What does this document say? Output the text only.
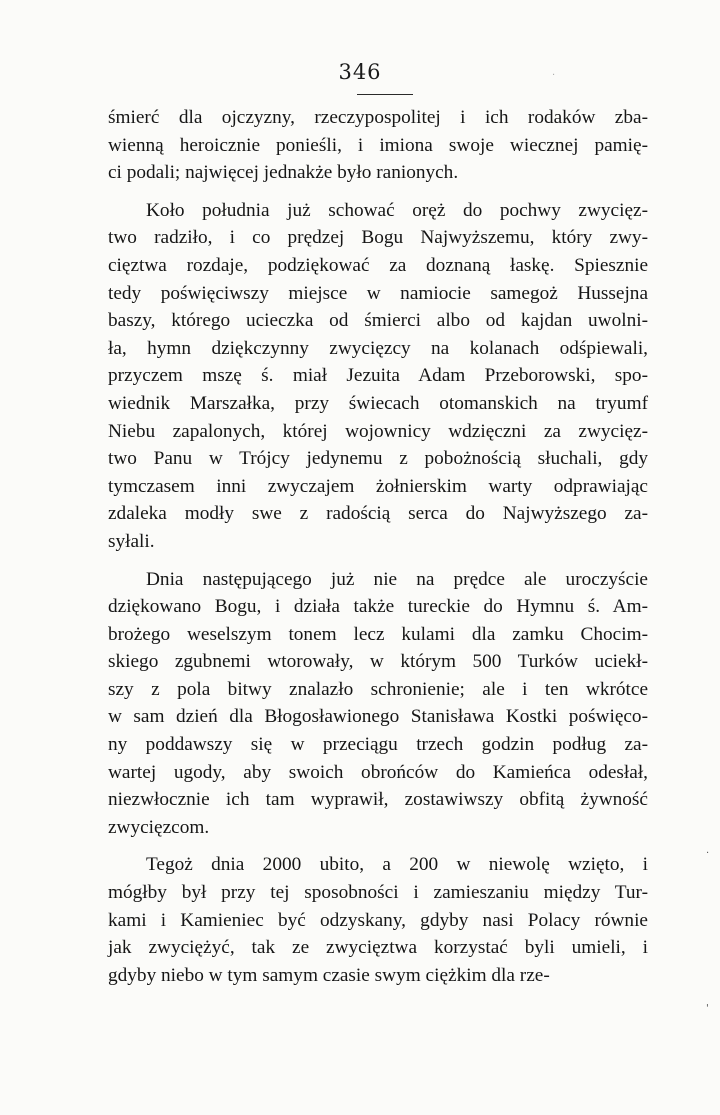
346
śmierć dla ojczyzny, rzeczypospolitej i ich rodaków zba-
wienną heroicznie ponieśli, i imiona swoje wiecznej pamię-
ci podali; najwięcej jednakże było ranionych.
Koło południa już schować oręż do pochwy zwycięz-
two radziło, i co prędzej Bogu Najwyższemu, który zwy-
cięztwa rozdaje, podziękować za doznaną łaskę. Spiesznie
tedy poświęciwszy miejsce w namiocie samegoż Hussejna
baszy, którego ucieczka od śmierci albo od kajdan uwolni-
ła, hymn dziękczynny zwycięzcy na kolanach odśpiewali,
przyczem mszę ś. miał Jezuita Adam Przeborowski, spo-
wiednik Marszałka, przy świecach otomanskich na tryumf
Niebu zapalonych, której wojownicy wdzięczni za zwycięz-
two Panu w Trójcy jedynemu z pobożnością słuchali, gdy
tymczasem inni zwyczajem żołnierskim warty odprawiając
zdaleka modły swe z radością serca do Najwyższego za-
syłali.
Dnia następującego już nie na prędce ale uroczyście
dziękowano Bogu, i działa także tureckie do Hymnu ś. Am-
brożego weselszym tonem lecz kulami dla zamku Chocim-
skiego zgubnemi wtorowały, w którym 500 Turków uciekł-
szy z pola bitwy znalazło schronienie; ale i ten wkrótce
w sam dzień dla Błogosławionego Stanisława Kostki poświęco-
ny poddawszy się w przeciągu trzech godzin podług za-
wartej ugody, aby swoich obrońców do Kamieńca odesłał,
niezwłocznie ich tam wyprawił, zostawiwszy obfitą żywność
zwycięzcom.
Tegoż dnia 2000 ubito, a 200 w niewolę wzięto, i
mógłby był przy tej sposobności i zamieszaniu między Tur-
kami i Kamieniec być odzyskany, gdyby nasi Polacy równie
jak zwyciężyć, tak ze zwycięztwa korzystać byli umieli, i
gdyby niebo w tym samym czasie swym ciężkim dla rze-
·
·
'
